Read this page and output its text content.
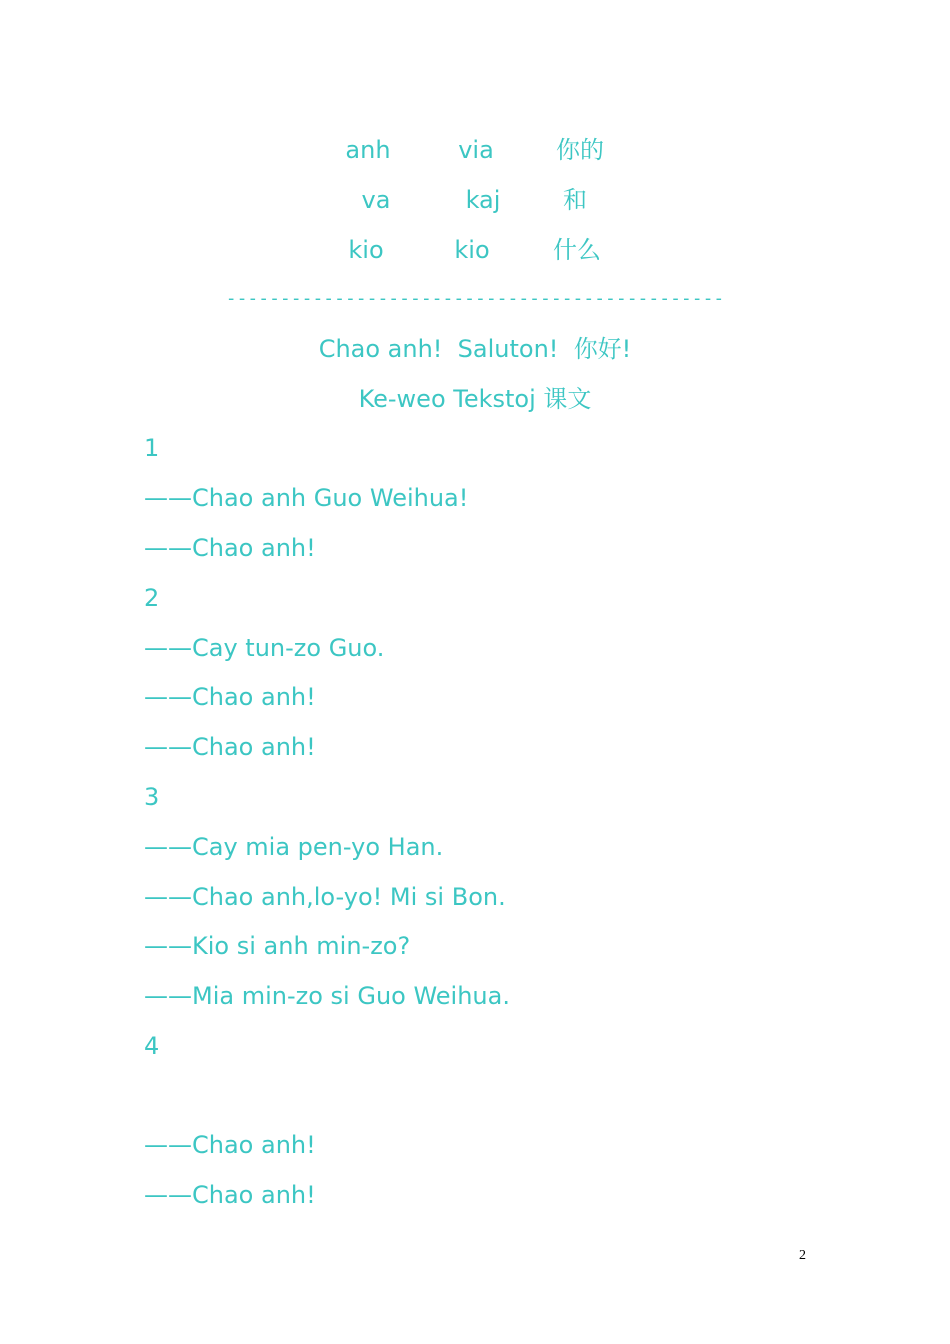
anh	via	你的
va	kaj	和
kio	kio	什么
----------------------------------------------
Chao anh!  Saluton!  你好!
Ke-weo Tekstoj 课文
1
——Chao anh Guo Weihua!
——Chao anh!
2
——Cay tun-zo Guo.
——Chao anh!
——Chao anh!
3
——Cay mia pen-yo Han.
——Chao anh,lo-yo! Mi si Bon.
——Kio si anh min-zo?
——Mia min-zo si Guo Weihua.
4
——Chao anh!
——Chao anh!
2
